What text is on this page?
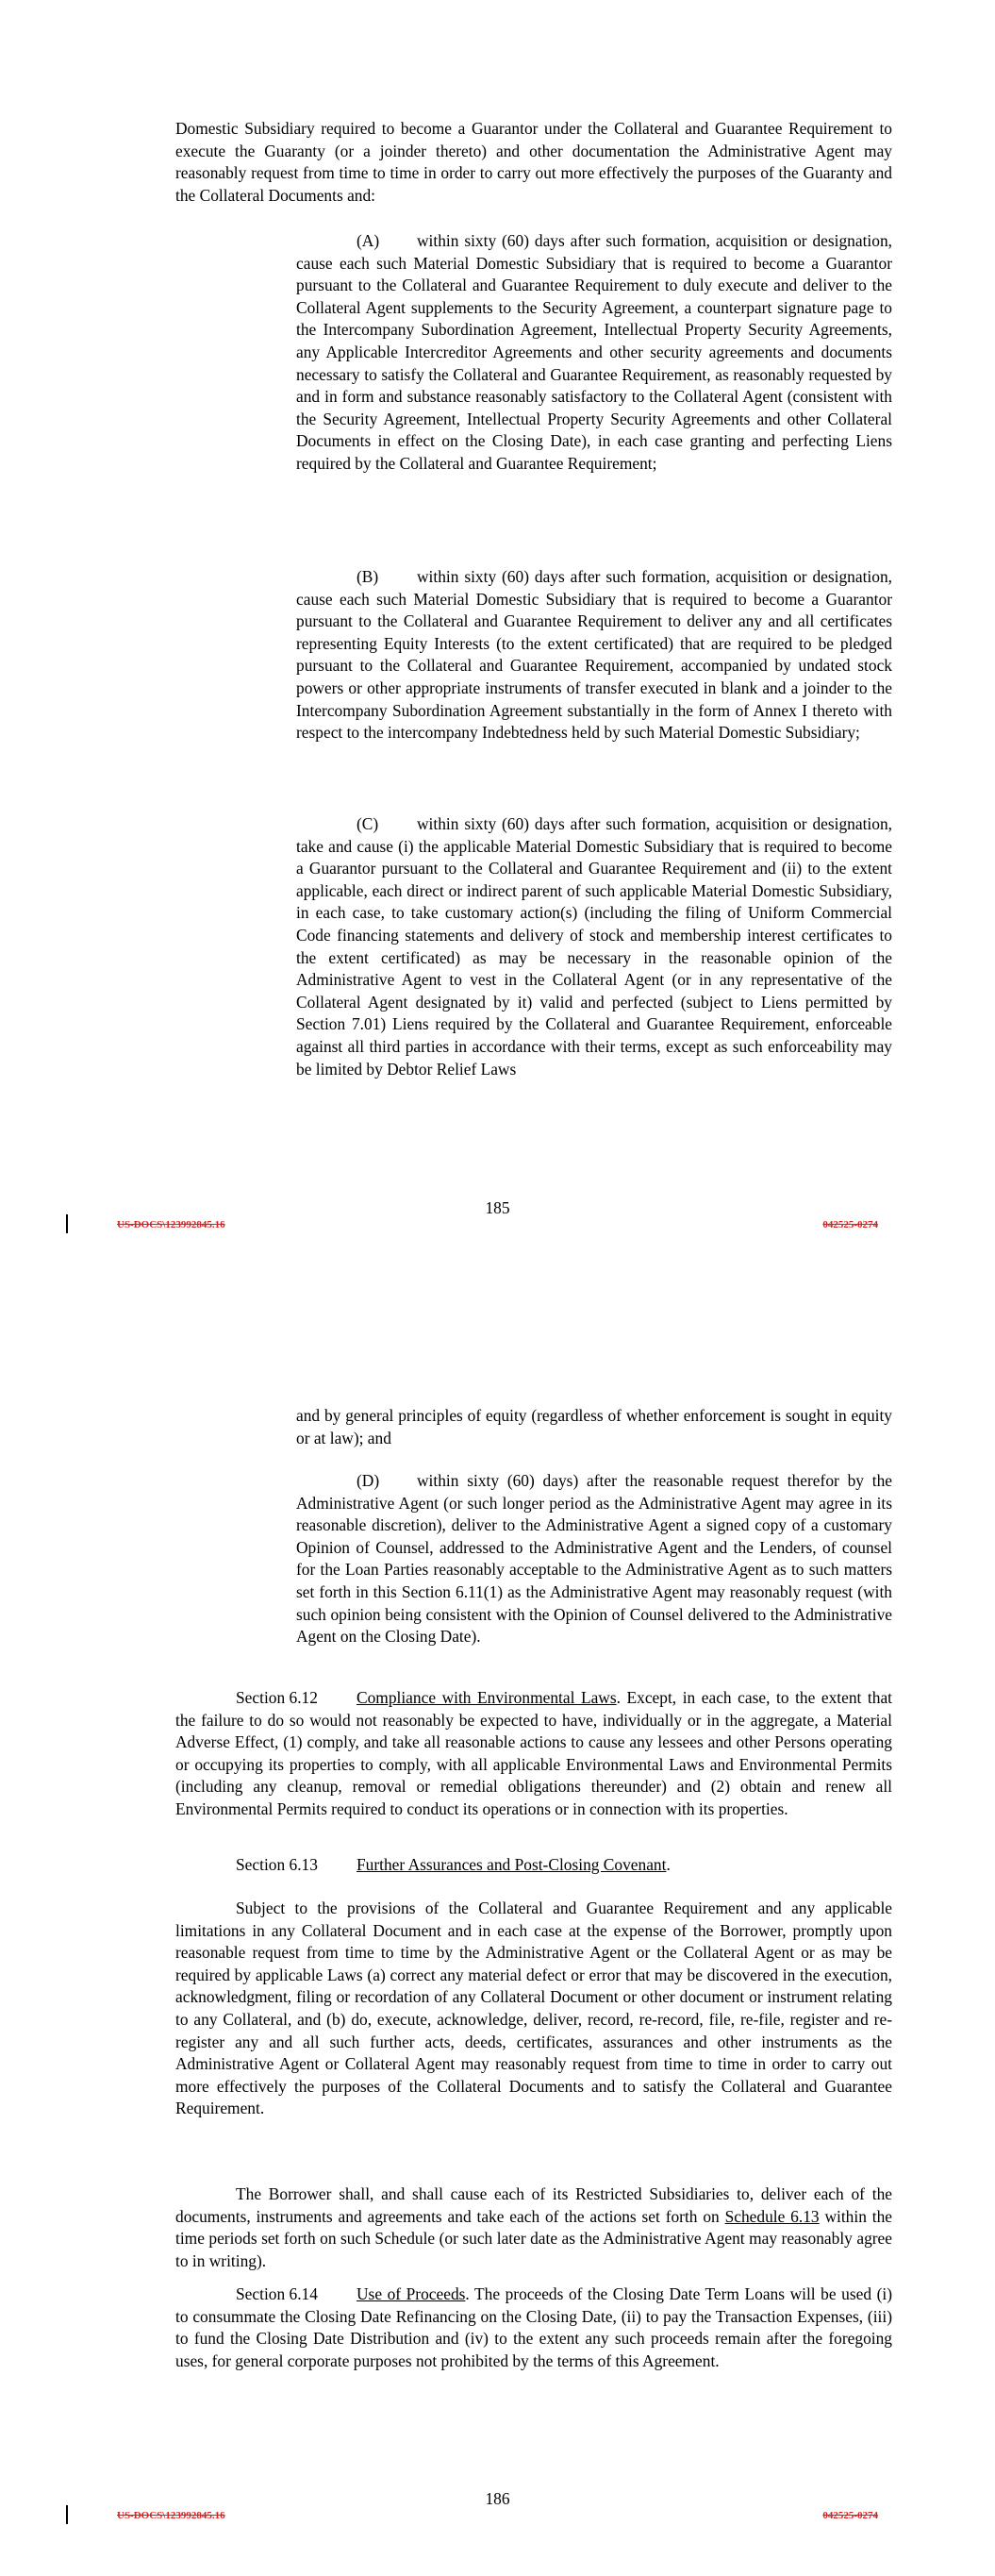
Domestic Subsidiary required to become a Guarantor under the Collateral and Guarantee Requirement to execute the Guaranty (or a joinder thereto) and other documentation the Administrative Agent may reasonably request from time to time in order to carry out more effectively the purposes of the Guaranty and the Collateral Documents and:

(A) within sixty (60) days after such formation, acquisition or designation, cause each such Material Domestic Subsidiary that is required to become a Guarantor pursuant to the Collateral and Guarantee Requirement to duly execute and deliver to the Collateral Agent supplements to the Security Agreement, a counterpart signature page to the Intercompany Subordination Agreement, Intellectual Property Security Agreements, any Applicable Intercreditor Agreements and other security agreements and documents necessary to satisfy the Collateral and Guarantee Requirement, as reasonably requested by and in form and substance reasonably satisfactory to the Collateral Agent (consistent with the Security Agreement, Intellectual Property Security Agreements and other Collateral Documents in effect on the Closing Date), in each case granting and perfecting Liens required by the Collateral and Guarantee Requirement;

(B) within sixty (60) days after such formation, acquisition or designation, cause each such Material Domestic Subsidiary that is required to become a Guarantor pursuant to the Collateral and Guarantee Requirement to deliver any and all certificates representing Equity Interests (to the extent certificated) that are required to be pledged pursuant to the Collateral and Guarantee Requirement, accompanied by undated stock powers or other appropriate instruments of transfer executed in blank and a joinder to the Intercompany Subordination Agreement substantially in the form of Annex I thereto with respect to the intercompany Indebtedness held by such Material Domestic Subsidiary;

(C) within sixty (60) days after such formation, acquisition or designation, take and cause (i) the applicable Material Domestic Subsidiary that is required to become a Guarantor pursuant to the Collateral and Guarantee Requirement and (ii) to the extent applicable, each direct or indirect parent of such applicable Material Domestic Subsidiary, in each case, to take customary action(s) (including the filing of Uniform Commercial Code financing statements and delivery of stock and membership interest certificates to the extent certificated) as may be necessary in the reasonable opinion of the Administrative Agent to vest in the Collateral Agent (or in any representative of the Collateral Agent designated by it) valid and perfected (subject to Liens permitted by Section 7.01) Liens required by the Collateral and Guarantee Requirement, enforceable against all third parties in accordance with their terms, except as such enforceability may be limited by Debtor Relief Laws

185
US-DOCS\123992845.16	042525-0274

and by general principles of equity (regardless of whether enforcement is sought in equity or at law); and

(D) within sixty (60) days) after the reasonable request therefor by the Administrative Agent (or such longer period as the Administrative Agent may agree in its reasonable discretion), deliver to the Administrative Agent a signed copy of a customary Opinion of Counsel, addressed to the Administrative Agent and the Lenders, of counsel for the Loan Parties reasonably acceptable to the Administrative Agent as to such matters set forth in this Section 6.11(1) as the Administrative Agent may reasonably request (with such opinion being consistent with the Opinion of Counsel delivered to the Administrative Agent on the Closing Date).

Section 6.12 Compliance with Environmental Laws. Except, in each case, to the extent that the failure to do so would not reasonably be expected to have, individually or in the aggregate, a Material Adverse Effect, (1) comply, and take all reasonable actions to cause any lessees and other Persons operating or occupying its properties to comply, with all applicable Environmental Laws and Environmental Permits (including any cleanup, removal or remedial obligations thereunder) and (2) obtain and renew all Environmental Permits required to conduct its operations or in connection with its properties.

Section 6.13 Further Assurances and Post-Closing Covenant.

Subject to the provisions of the Collateral and Guarantee Requirement and any applicable limitations in any Collateral Document and in each case at the expense of the Borrower, promptly upon reasonable request from time to time by the Administrative Agent or the Collateral Agent or as may be required by applicable Laws (a) correct any material defect or error that may be discovered in the execution, acknowledgment, filing or recordation of any Collateral Document or other document or instrument relating to any Collateral, and (b) do, execute, acknowledge, deliver, record, re-record, file, re-file, register and re-register any and all such further acts, deeds, certificates, assurances and other instruments as the Administrative Agent or Collateral Agent may reasonably request from time to time in order to carry out more effectively the purposes of the Collateral Documents and to satisfy the Collateral and Guarantee Requirement.

The Borrower shall, and shall cause each of its Restricted Subsidiaries to, deliver each of the documents, instruments and agreements and take each of the actions set forth on Schedule 6.13 within the time periods set forth on such Schedule (or such later date as the Administrative Agent may reasonably agree to in writing).

Section 6.14 Use of Proceeds. The proceeds of the Closing Date Term Loans will be used (i) to consummate the Closing Date Refinancing on the Closing Date, (ii) to pay the Transaction Expenses, (iii) to fund the Closing Date Distribution and (iv) to the extent any such proceeds remain after the foregoing uses, for general corporate purposes not prohibited by the terms of this Agreement.

186
US-DOCS\123992845.16	042525-0274
